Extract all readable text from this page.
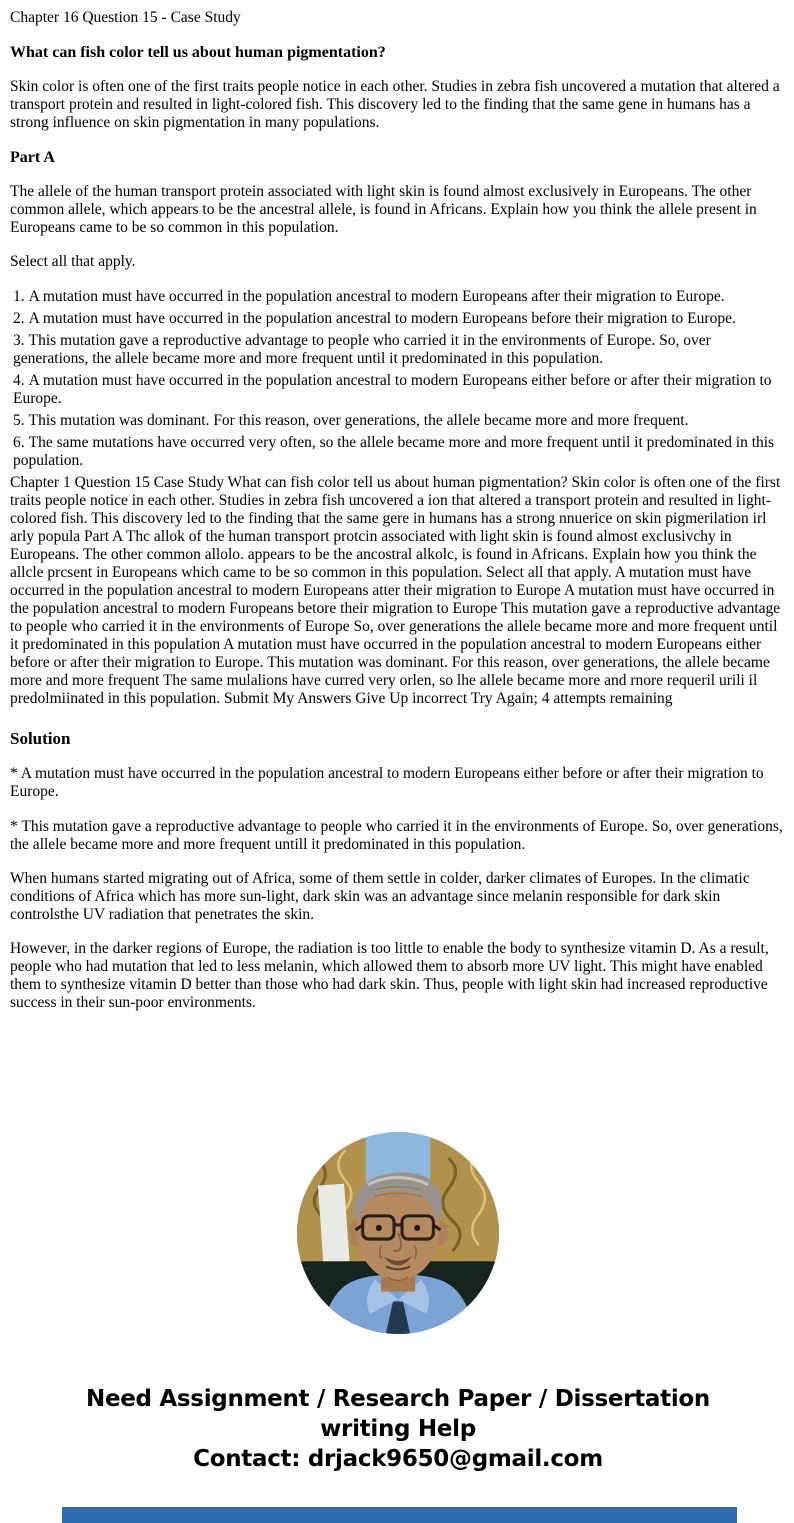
Chapter 16 Question 15 - Case Study

What can fish color tell us about human pigmentation?

Skin color is often one of the first traits people notice in each other. Studies in zebra fish uncovered a mutation that altered a transport protein and resulted in light-colored fish. This discovery led to the finding that the same gene in humans has a strong influence on skin pigmentation in many populations.

Part A

The allele of the human transport protein associated with light skin is found almost exclusively in Europeans. The other common allele, which appears to be the ancestral allele, is found in Africans. Explain how you think the allele present in Europeans came to be so common in this population.

Select all that apply.

1. A mutation must have occurred in the population ancestral to modern Europeans after their migration to Europe.
2. A mutation must have occurred in the population ancestral to modern Europeans before their migration to Europe.
3. This mutation gave a reproductive advantage to people who carried it in the environments of Europe. So, over generations, the allele became more and more frequent until it predominated in this population.
4. A mutation must have occurred in the population ancestral to modern Europeans either before or after their migration to Europe.
5. This mutation was dominant. For this reason, over generations, the allele became more and more frequent.
6. The same mutations have occurred very often, so the allele became more and more frequent until it predominated in this population.

Chapter 1 Question 15 Case Study What can fish color tell us about human pigmentation? Skin color is often one of the first traits people notice in each other. Studies in zebra fish uncovered a ion that altered a transport protein and resulted in light-colored fish. This discovery led to the finding that the same gere in humans has a strong nnuerice on skin pigmerilation irl arly popula Part A Thc allok of the human transport protcin associated with light skin is found almost exclusivchy in Europeans. The other common allolo. appears to be the ancostral alkolc, is found in Africans. Explain how you think the allcle prcsent in Europeans which came to be so common in this population. Select all that apply. A mutation must have occurred in the population ancestral to modern Europeans atter their migration to Europe A mutation must have occurred in the population ancestral to modern Furopeans betore their migration to Europe This mutation gave a reproductive advantage to people who carried it in the environments of Europe So, over generations the allele became more and more frequent until it predominated in this population A mutation must have occurred in the population ancestral to modern Europeans either before or after their migration to Europe. This mutation was dominant. For this reason, over generations, the allele became more and more frequent The same mulalions have curred very orlen, so lhe allele became more and rnore requeril urili il predolmiinated in this population. Submit My Answers Give Up incorrect Try Again; 4 attempts remaining

Solution

* A mutation must have occurred in the population ancestral to modern Europeans either before or after their migration to Europe.

* This mutation gave a reproductive advantage to people who carried it in the environments of Europe. So, over generations, the allele became more and more frequent untill it predominated in this population.

When humans started migrating out of Africa, some of them settle in colder, darker climates of Europes. In the climatic conditions of Africa which has more sun-light, dark skin was an advantage since melanin responsible for dark skin controlsthe UV radiation that penetrates the skin.

However, in the darker regions of Europe, the radiation is too little to enable the body to synthesize vitamin D. As a result, people who had mutation that led to less melanin, which allowed them to absorb more UV light. This might have enabled them to synthesize vitamin D better than those who had dark skin. Thus, people with light skin had increased reproductive success in their sun-poor environments.

Need Assignment / Research Paper / Dissertation
writing Help
Contact: drjack9650@gmail.com
